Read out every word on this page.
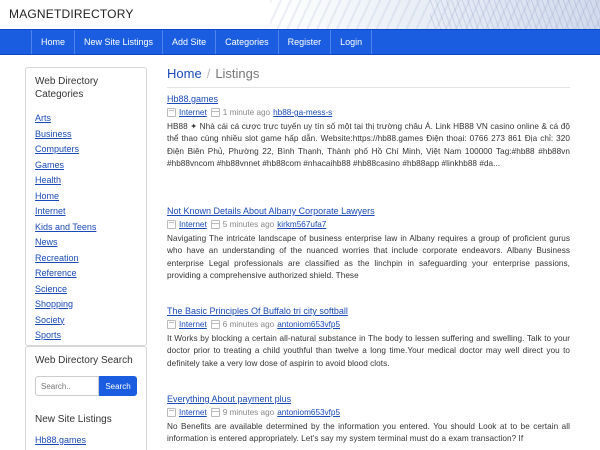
MAGNETDIRECTORY
Home New Site Listings Add Site Categories Register Login
Web Directory Categories
Arts
Business
Computers
Games
Health
Home
Internet
Kids and Teens
News
Recreation
Reference
Science
Shopping
Society
Sports
Web Directory Search
Search..
Search
New Site Listings
Hb88.games
Home / Listings
Hb88.games
Internet 1 minute ago hb88-ga-mess-s

HB88 ✦ Nhà cái cá cược trực tuyến uy tín số một tại thị trường châu Á. Link HB88 VN casino online & cá độ thể thao cùng nhiều slot game hấp dẫn. Website:https://hb88.games Điện thoại: 0766 273 861 Địa chỉ: 320 Điện Biên Phủ, Phường 22, Bình Thạnh, Thành phố Hồ Chí Minh, Việt Nam 100000 Tag:#hb88 #hb88vn #hb88vncom #hb88vnnet #hb88com #nhacaihb88 #hb88casino #hb88app #linkhb88 #da...

Not Known Details About Albany Corporate Lawyers
Internet 5 minutes ago kirkm567ufa7

Navigating The intricate landscape of business enterprise law in Albany requires a group of proficient gurus who have an understanding of the nuanced worries that include corporate endeavors. Albany Business enterprise Legal professionals are classified as the linchpin in safeguarding your enterprise passions, providing a comprehensive authorized shield. These

The Basic Principles Of Buffalo tri city softball
Internet 6 minutes ago antoniom653vfp5

It Works by blocking a certain all-natural substance in The body to lessen suffering and swelling. Talk to your doctor prior to treating a child youthful than twelve a long time.Your medical doctor may well direct you to definitely take a very low dose of aspirin to avoid blood clots.

Everything About payment plus
Internet 9 minutes ago antoniom653vfp5

No Benefits are available determined by the information you entered. You should Look at to be certain all information is entered appropriately. Let's say my system terminal must do a exam transaction? If
